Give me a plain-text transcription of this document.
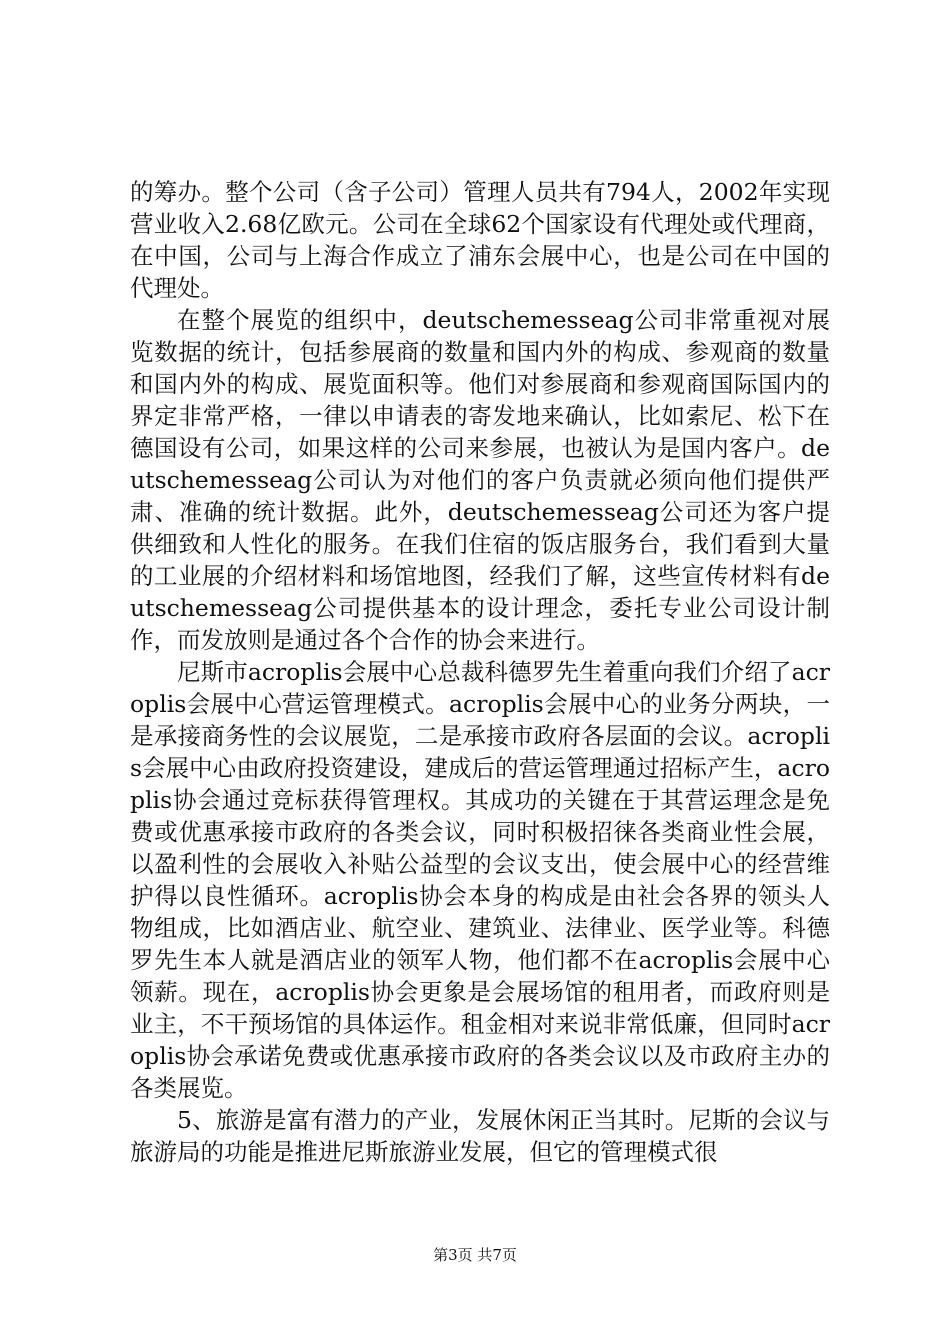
的筹办。整个公司（含子公司）管理人员共有794人，2002年实现营业收入2.68亿欧元。公司在全球62个国家设有代理处或代理商，在中国，公司与上海合作成立了浦东会展中心，也是公司在中国的代理处。

在整个展览的组织中，deutschemesseag公司非常重视对展览数据的统计，包括参展商的数量和国内外的构成、参观商的数量和国内外的构成、展览面积等。他们对参展商和参观商国际国内的界定非常严格，一律以申请表的寄发地来确认，比如索尼、松下在德国设有公司，如果这样的公司来参展，也被认为是国内客户。deutschemesseag公司认为对他们的客户负责就必须向他们提供严肃、准确的统计数据。此外，deutschemesseag公司还为客户提供细致和人性化的服务。在我们住宿的饭店服务台，我们看到大量的工业展的介绍材料和场馆地图，经我们了解，这些宣传材料有deutschemesseag公司提供基本的设计理念，委托专业公司设计制作，而发放则是通过各个合作的协会来进行。

尼斯市acroplis会展中心总裁科德罗先生着重向我们介绍了acroplis会展中心营运管理模式。acroplis会展中心的业务分两块，一是承接商务性的会议展览，二是承接市政府各层面的会议。acroplis会展中心由政府投资建设，建成后的营运管理通过招标产生，acroplis协会通过竞标获得管理权。其成功的关键在于其营运理念是免费或优惠承接市政府的各类会议，同时积极招徕各类商业性会展，以盈利性的会展收入补贴公益型的会议支出，使会展中心的经营维护得以良性循环。acroplis协会本身的构成是由社会各界的领头人物组成，比如酒店业、航空业、建筑业、法律业、医学业等。科德罗先生本人就是酒店业的领军人物，他们都不在acroplis会展中心领薪。现在，acroplis协会更象是会展场馆的租用者，而政府则是业主，不干预场馆的具体运作。租金相对来说非常低廉，但同时acroplis协会承诺免费或优惠承接市政府的各类会议以及市政府主办的各类展览。

5、旅游是富有潜力的产业，发展休闲正当其时。尼斯的会议与旅游局的功能是推进尼斯旅游业发展，但它的管理模式很

第3页 共7页
